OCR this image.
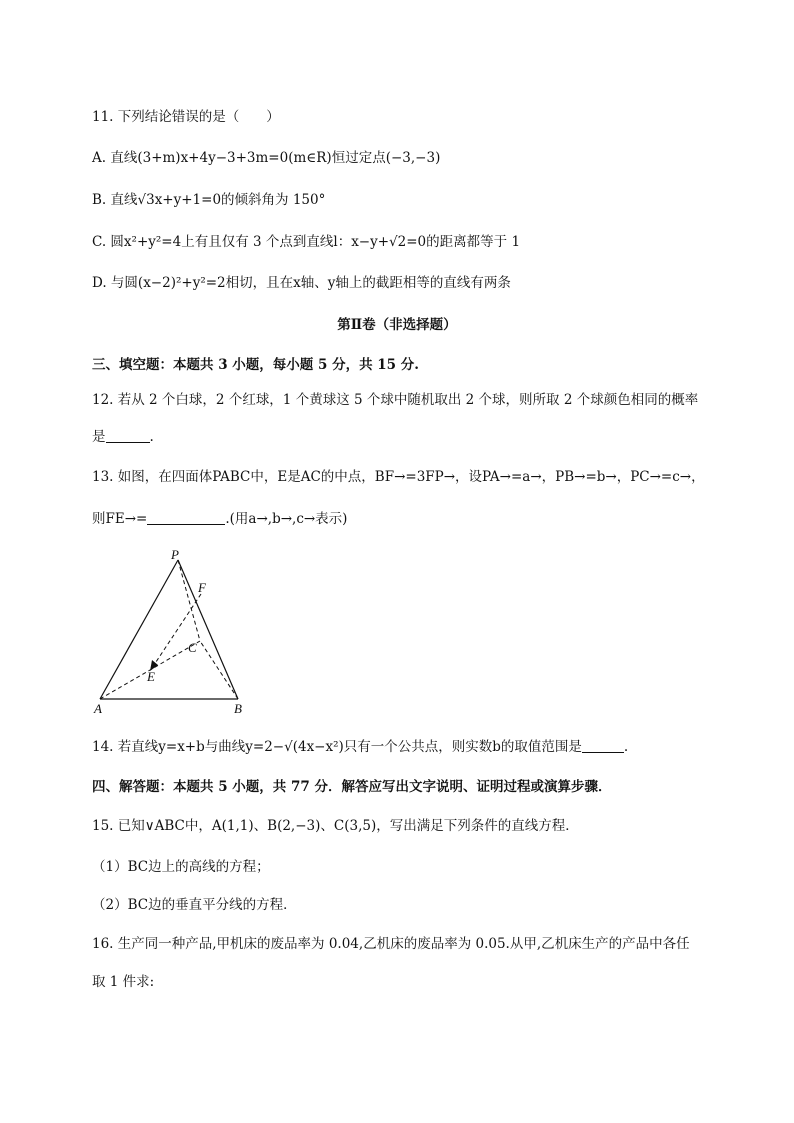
11. 下列结论错误的是（　　）
A. 直线(3+m)x+4y−3+3m=0(m∈R)恒过定点(−3,−3)
B. 直线√3x+y+1=0的倾斜角为 150°
C. 圆x²+y²=4上有且仅有 3 个点到直线l：x−y+√2=0的距离都等于 1
D. 与圆(x−2)²+y²=2相切，且在x轴、y轴上的截距相等的直线有两条
第Ⅱ卷（非选择题）
三、填空题：本题共 3 小题，每小题 5 分，共 15 分.
12. 若从 2 个白球，2 个红球，1 个黄球这 5 个球中随机取出 2 个球，则所取 2 个球颜色相同的概率
是	.
13. 如图，在四面体PABC中，E是AC的中点，BF→=3FP→，设PA→=a→，PB→=b→，PC→=c→，
则FE→=	.(用a→,b→,c→表示)
P
F
C
E
A	B
14. 若直线y=x+b与曲线y=2−√(4x−x²)只有一个公共点，则实数b的取值范围是	.
四、解答题：本题共 5 小题，共 77 分．解答应写出文字说明、证明过程或演算步骤．
15. 已知∨ABC中，A(1,1)、B(2,−3)、C(3,5)，写出满足下列条件的直线方程．
（1）BC边上的高线的方程；
（2）BC边的垂直平分线的方程．
16. 生产同一种产品,甲机床的废品率为 0.04,乙机床的废品率为 0.05.从甲,乙机床生产的产品中各任
取 1 件求:
